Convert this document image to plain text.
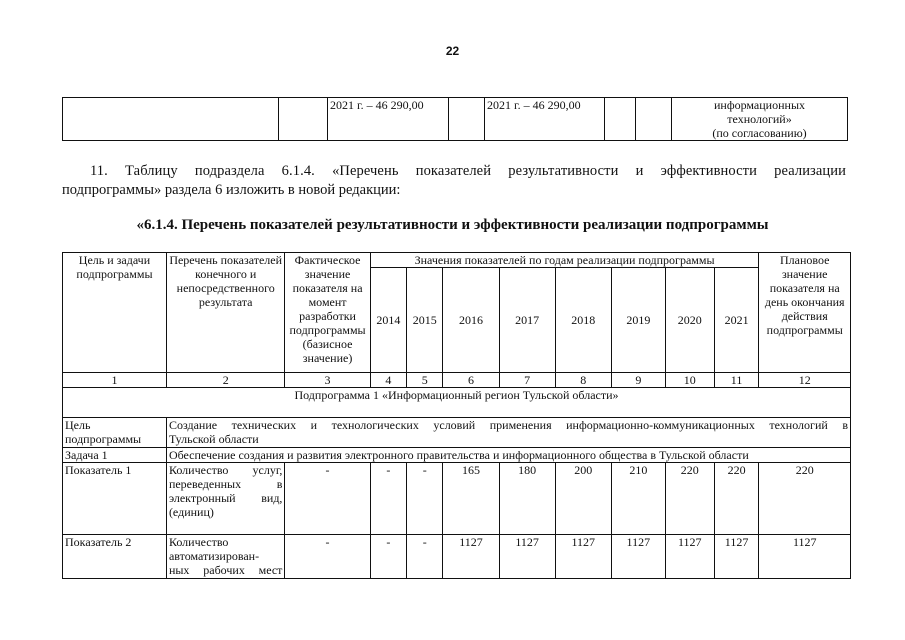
22
		2021 г. – 46 290,00		2021 г. – 46 290,00			информационных
технологий»
(по согласованию)
11. Таблицу подраздела 6.1.4. «Перечень показателей результативности и эффективности реализации
подпрограммы» раздела 6 изложить в новой редакции:
«6.1.4. Перечень показателей результативности и эффективности реализации подпрограммы
Цель и задачи подпрограммы	Перечень показателей конечного и непосредственного результата	Фактическое значение показателя на момент разработки подпрограммы (базисное значение)	Значения показателей по годам реализации подпрограммы								Плановое значение показателя на день окончания действия подпрограммы
			2014	2015	2016	2017	2018	2019	2020	2021	
1	2	3	4	5	6	7	8	9	10	11	12
Подпрограмма 1 «Информационный регион Тульской области»											
Цель подпрограммы	Создание технических и технологических условий применения информационно-коммуникационных технологий в
Тульской области										

Задача 1	Обеспечение создания и развития электронного правительства и информационного общества в Тульской области										
Показатель 1	Количество услуг,
переведенных в
электронный вид,
(единиц)	-	-	-	165	180	200	210	220	220	220
Показатель 2	Количество
автоматизирован-
ных рабочих мест	-	-	-	1127	1127	1127	1127	1127	1127	1127
